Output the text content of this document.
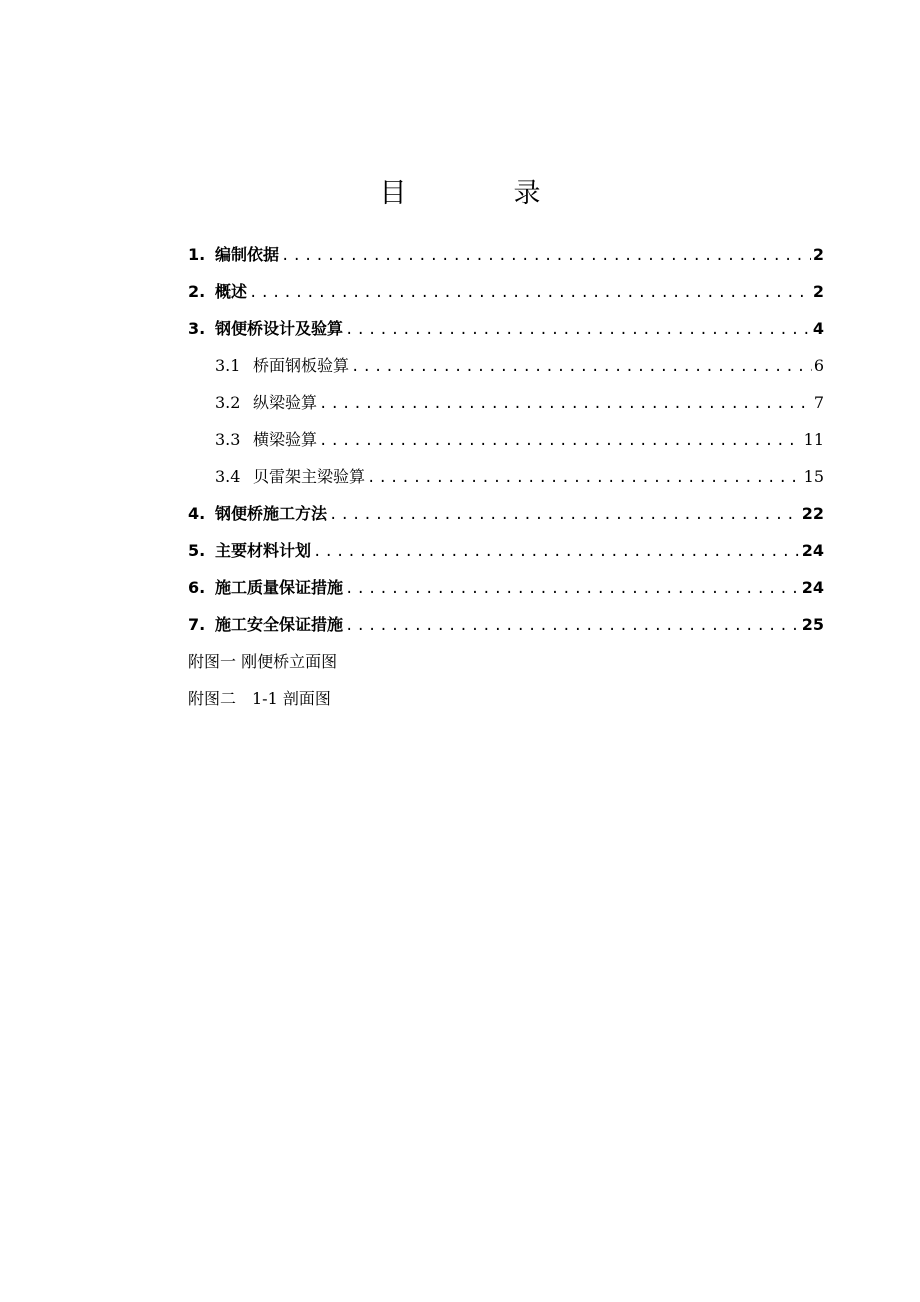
目　录
1. 编制依据 .....	2
2. 概述 .....	2
3. 钢便桥设计及验算 .....	4
3.1 桥面钢板验算 .....	6
3.2 纵梁验算 .....	7
3.3 横梁验算 .....	11
3.4 贝雷架主梁验算 .....	15
4. 钢便桥施工方法 .....	22
5. 主要材料计划 .....	24
6. 施工质量保证措施 .....	24
7. 施工安全保证措施 .....	25
附图一 刚便桥立面图
附图二　1-1 剖面图
